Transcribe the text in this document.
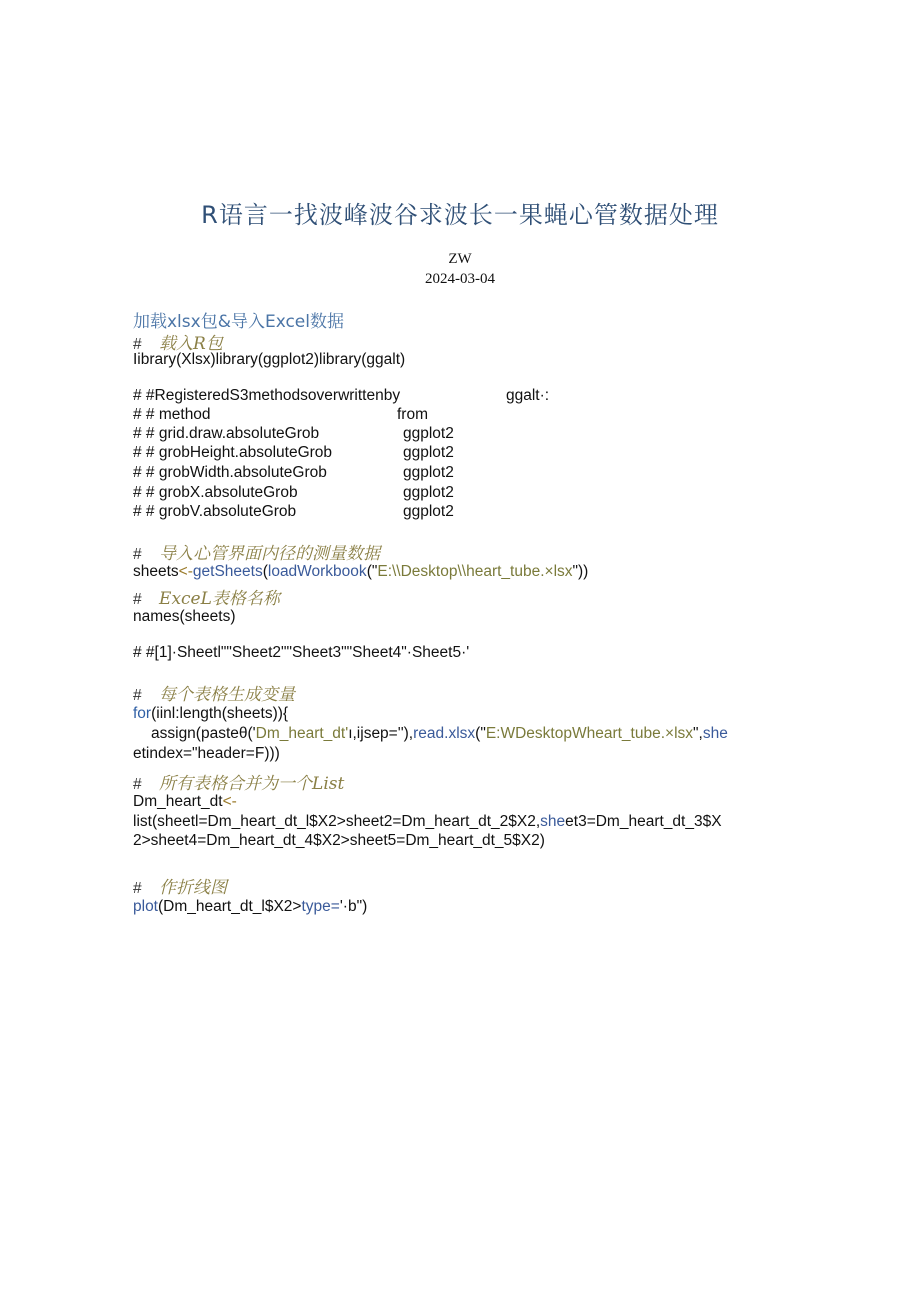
R语言一找波峰波谷求波长一果蝇心管数据处理
ZW
2024-03-04
加载xlsx包&导入Excel数据
# 载入R包
Iibrary(Xlsx)library(ggplot2)library(ggalt)
# #RegisteredS3methodsoverwrittenby	ggalt·:
# # method	from
# # grid.draw.absoluteGrob	ggplot2
# # grobHeight.absoluteGrob	ggplot2
# # grobWidth.absoluteGrob	ggplot2
# # grobX.absoluteGrob	ggplot2
# # grobV.absoluteGrob	ggplot2
# 导入心管界面内径的测量数据
sheets<-getSheets(loadWorkbook("E:\\Desktop\\heart_tube.×lsx"))
# ExceL表格名称
names(sheets)
# #[1]·Sheetl""Sheet2""Sheet3""Sheet4"·Sheet5·'
# 每个表格生成变量
for(iinl:length(sheets)){
assign(pasteθ('Dm_heart_dt'ı,ijsep=''),read.xlsx("E:WDesktopWheart_tube.×lsx",she
etindex="header=F)))
# 所有表格合并为一个List
Dm_heart_dt<-
list(sheetl=Dm_heart_dt_l$X2>sheet2=Dm_heart_dt_2$X2,sheet3=Dm_heart_dt_3$X
2>sheet4=Dm_heart_dt_4$X2>sheet5=Dm_heart_dt_5$X2)
# 作折线图
plot(Dm_heart_dt_l$X2>type='·b")
